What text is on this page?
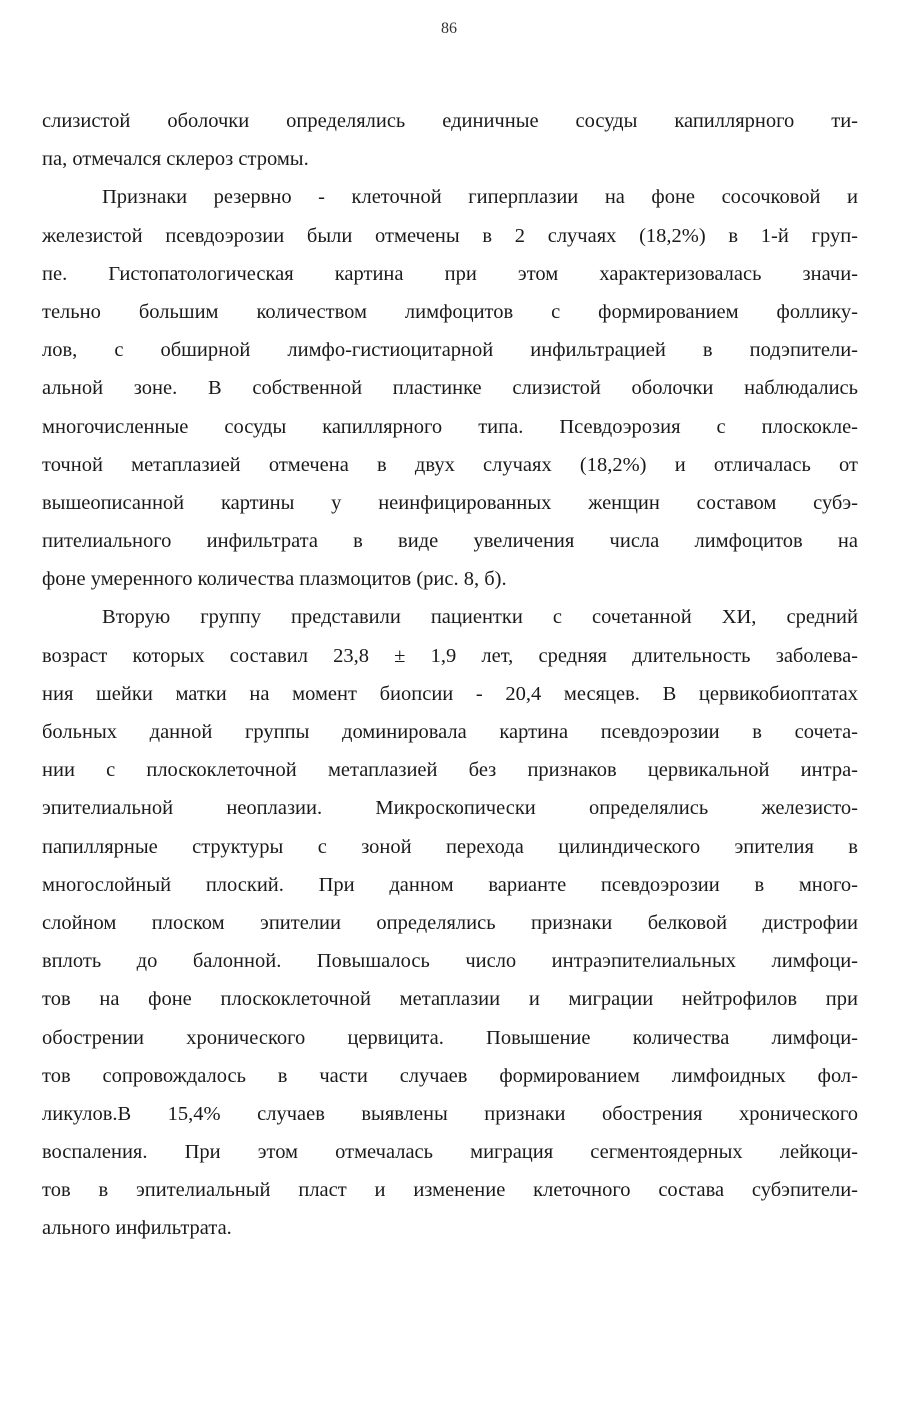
86
слизистой оболочки определялись единичные сосуды капиллярного ти-
па, отмечался склероз стромы.
Признаки резервно - клеточной гиперплазии на фоне сосочковой и
железистой псевдоэрозии были отмечены в 2 случаях (18,2%) в 1-й груп-
пе. Гистопатологическая картина при этом характеризовалась значи-
тельно большим количеством лимфоцитов с формированием фоллику-
лов, с обширной лимфо-гистиоцитарной инфильтрацией в подэпители-
альной зоне. В собственной пластинке слизистой оболочки наблюдались
многочисленные сосуды капиллярного типа. Псевдоэрозия с плоскокле-
точной метаплазией отмечена в двух случаях (18,2%) и отличалась от
вышеописанной картины у неинфицированных женщин составом субэ-
пителиального инфильтрата в виде увеличения числа лимфоцитов на
фоне умеренного количества плазмоцитов (рис. 8, б).
Вторую группу представили пациентки с сочетанной ХИ, средний
возраст которых составил 23,8 ± 1,9 лет, средняя длительность заболева-
ния шейки матки на момент биопсии - 20,4 месяцев. В цервикобиоптатах
больных данной группы доминировала картина псевдоэрозии в сочета-
нии с плоскоклеточной метаплазией без признаков цервикальной интра-
эпителиальной неоплазии. Микроскопически определялись железисто-
папиллярные структуры с зоной перехода цилиндического эпителия в
многослойный плоский. При данном варианте псевдоэрозии в много-
слойном плоском эпителии определялись признаки белковой дистрофии
вплоть до балонной. Повышалось число интраэпителиальных лимфоци-
тов на фоне плоскоклеточной метаплазии и миграции нейтрофилов при
обострении хронического цервицита. Повышение количества лимфоци-
тов сопровождалось в части случаев формированием лимфоидных фол-
ликулов.В 15,4% случаев выявлены признаки обострения хронического
воспаления. При этом отмечалась миграция сегментоядерных лейкоци-
тов в эпителиальный пласт и изменение клеточного состава субэпители-
ального инфильтрата.
